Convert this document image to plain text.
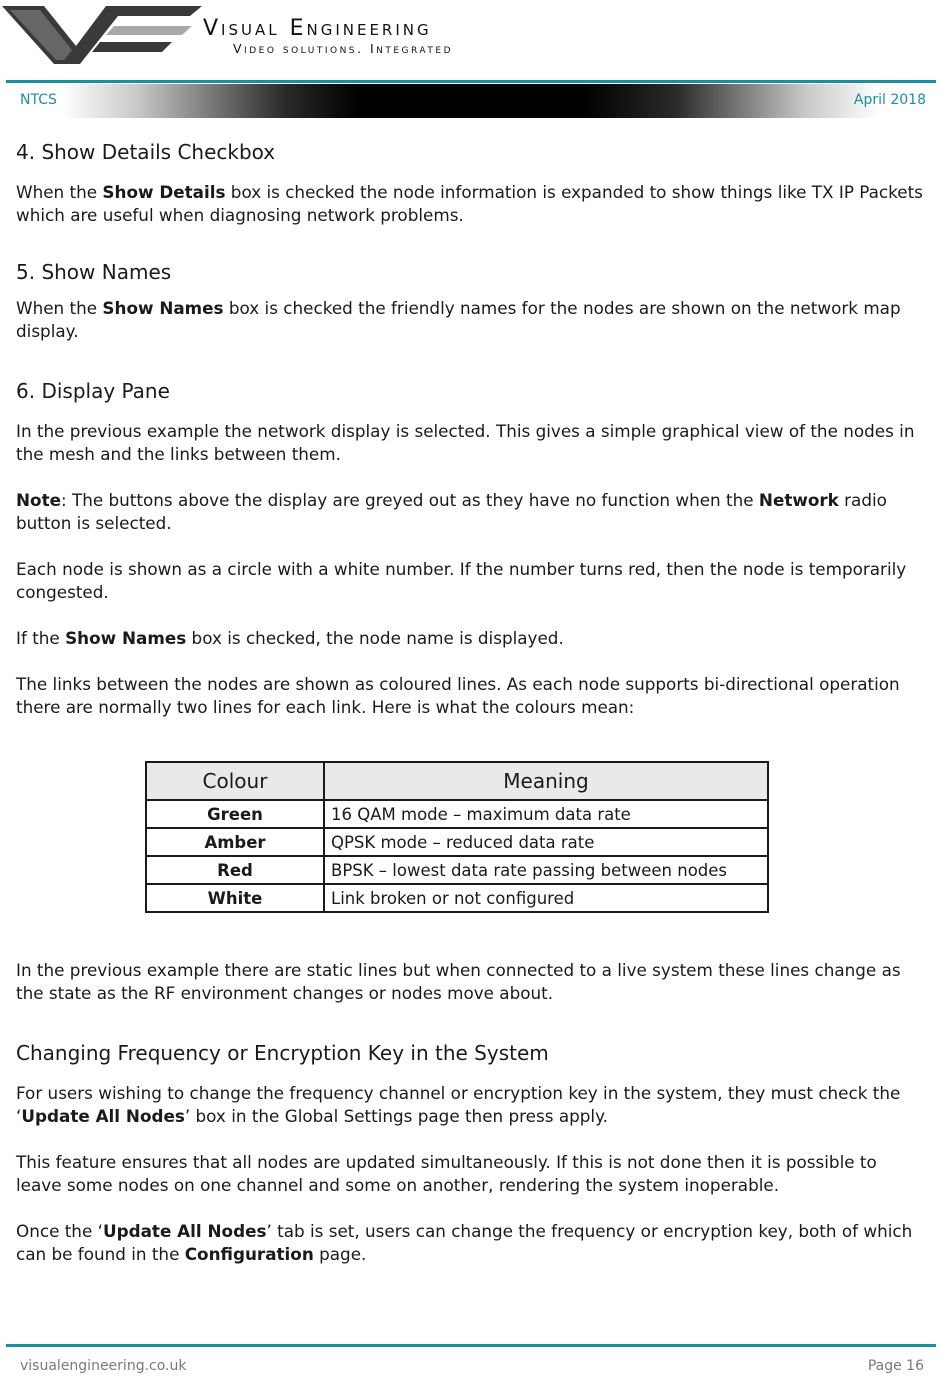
Visual Engineering
Video solutions. Integrated
NTCS	April 2018
4. Show Details Checkbox

When the Show Details box is checked the node information is expanded to show things like TX IP Packets which are useful when diagnosing network problems.

5. Show Names

When the Show Names box is checked the friendly names for the nodes are shown on the network map display.

6. Display Pane

In the previous example the network display is selected. This gives a simple graphical view of the nodes in the mesh and the links between them.

Note: The buttons above the display are greyed out as they have no function when the Network radio button is selected.

Each node is shown as a circle with a white number. If the number turns red, then the node is temporarily congested.

If the Show Names box is checked, the node name is displayed.

The links between the nodes are shown as coloured lines. As each node supports bi-directional operation there are normally two lines for each link. Here is what the colours mean:

Colour	Meaning
Green	16 QAM mode – maximum data rate
Amber	QPSK mode – reduced data rate
Red	BPSK – lowest data rate passing between nodes
White	Link broken or not configured

In the previous example there are static lines but when connected to a live system these lines change as the state as the RF environment changes or nodes move about.

Changing Frequency or Encryption Key in the System

For users wishing to change the frequency channel or encryption key in the system, they must check the ‘Update All Nodes’ box in the Global Settings page then press apply.

This feature ensures that all nodes are updated simultaneously. If this is not done then it is possible to leave some nodes on one channel and some on another, rendering the system inoperable.

Once the ‘Update All Nodes’ tab is set, users can change the frequency or encryption key, both of which can be found in the Configuration page.

visualengineering.co.uk	Page 16
